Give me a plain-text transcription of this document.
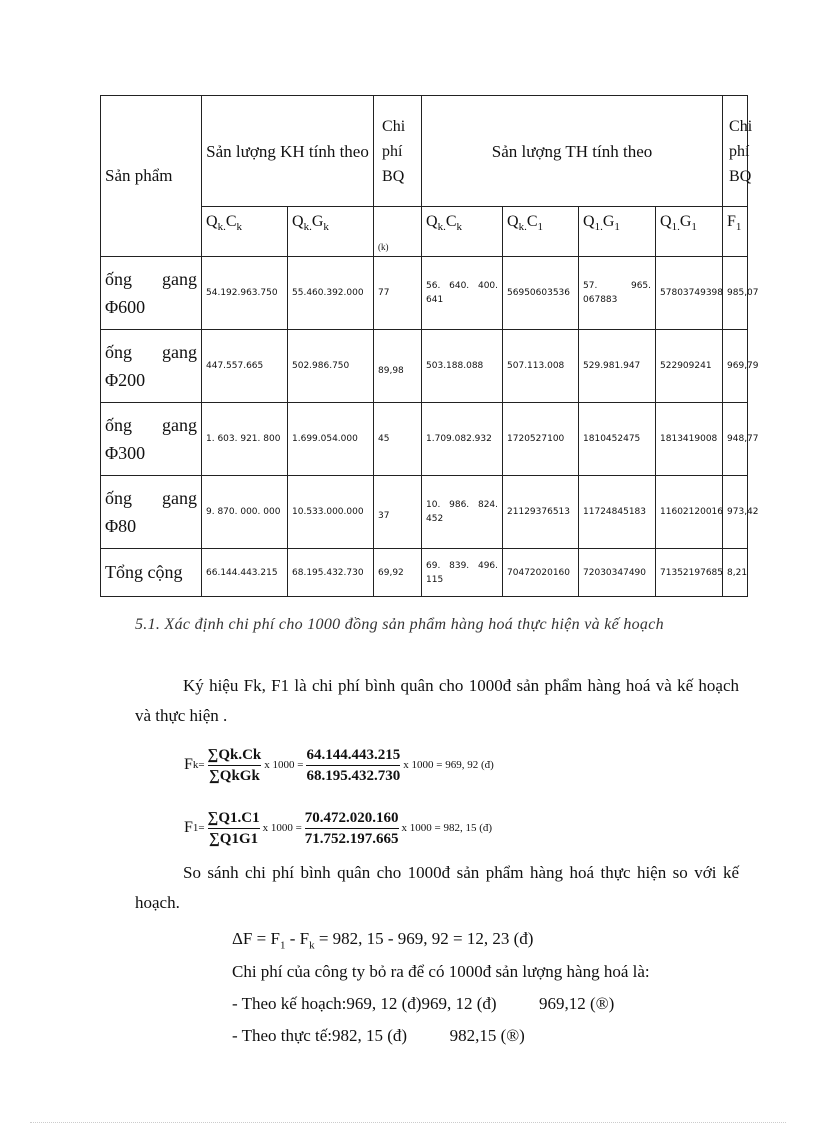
Sản phẩm	Sản lượng KH tính theo		Chi phí BQ	Sản lượng TH tính theo				Chi phí BQ
	$Q_{k.}C_k$	$Q_{k.}G_k$	(k)	$Q_{k.}C_k$	$Q_{k.}C_1$	$Q_{1.}G_1$	$Q_{1.}G_1$	$F_1$
ống gang
Φ600	54.192.963.750	55.460.392.000	77	56. 640. 400. 641	56950603536	57. 965. 067883	57803749398	985,07
ống gang
Φ200	447.557.665	502.986.750	89,98	503.188.088	507.113.008	529.981.947	522909241	969,79
ống gang
Φ300	1. 603. 921. 800	1.699.054.000	45	1.709.082.932	1720527100	1810452475	1813419008	948,77
ống gang
Φ80	9. 870. 000. 000	10.533.000.000	37	10. 986. 824. 452	21129376513	11724845183	11602120016	973,42
Tổng cộng	66.144.443.215	68.195.432.730	69,92	69. 839. 496. 115	70472020160	72030347490	71352197685	8,21
5.1. Xác định chi phí cho 1000 đồng sản phẩm hàng hoá thực hiện và kế hoạch
Ký hiệu Fk, F1 là chi phí bình quân cho 1000đ sản phẩm hàng hoá và kế hoạch và thực hiện .
F $k = \frac{\sum Qk.Ck}{\text{∑QkGk}}$ x $1000 = \frac{64.144.443.215}{68.195.432.730}$ x 1000 = 969, 92 (đ)
F $1 = \frac{\sum Q1.C1}{\sum Q1G1}$ x $1000 = \frac{70.472.020.160}{71.752.197.665}$ x 1000 = 982, 15 (đ)
So sánh chi phí bình quân cho 1000đ sản phẩm hàng hoá thực hiện so với kế hoạch.
$\Delta F = F_1 - F_k = 982$, 15 - 969, 92 = 12, 23 (đ)
Chi phí của công ty bỏ ra để có 1000đ sản lượng hàng hoá là:
- Theo kế hoạch:969, 12 (đ)969, 12 (đ)          969,12 (®)
- Theo thực tế:982, 15 (đ)          982,15 (®)
